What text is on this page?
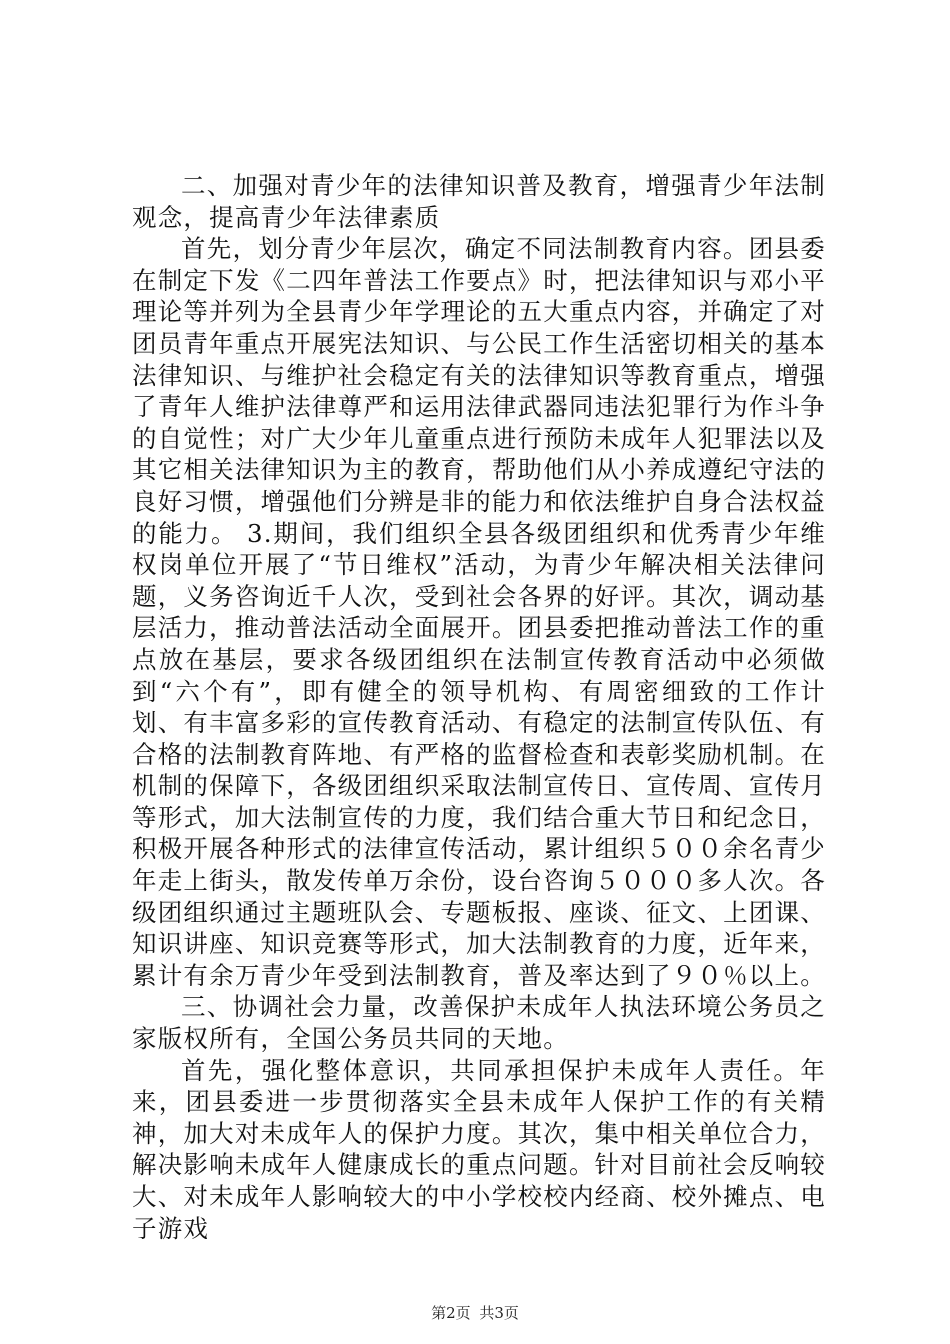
二、加强对青少年的法律知识普及教育，增强青少年法制观念，提高青少年法律素质

首先，划分青少年层次，确定不同法制教育内容。团县委在制定下发《二四年普法工作要点》时，把法律知识与邓小平理论等并列为全县青少年学理论的五大重点内容，并确定了对团员青年重点开展宪法知识、与公民工作生活密切相关的基本法律知识、与维护社会稳定有关的法律知识等教育重点，增强了青年人维护法律尊严和运用法律武器同违法犯罪行为作斗争的自觉性；对广大少年儿童重点进行预防未成年人犯罪法以及其它相关法律知识为主的教育，帮助他们从小养成遵纪守法的良好习惯，增强他们分辨是非的能力和依法维护自身合法权益的能力。 3.期间，我们组织全县各级团组织和优秀青少年维权岗单位开展了“节日维权”活动，为青少年解决相关法律问题，义务咨询近千人次，受到社会各界的好评。其次，调动基层活力，推动普法活动全面展开。团县委把推动普法工作的重点放在基层，要求各级团组织在法制宣传教育活动中必须做到“六个有”，即有健全的领导机构、有周密细致的工作计划、有丰富多彩的宣传教育活动、有稳定的法制宣传队伍、有合格的法制教育阵地、有严格的监督检查和表彰奖励机制。在机制的保障下，各级团组织采取法制宣传日、宣传周、宣传月等形式，加大法制宣传的力度，我们结合重大节日和纪念日，积极开展各种形式的法律宣传活动，累计组织５００余名青少年走上街头，散发传单万余份，设台咨询５０００多人次。各级团组织通过主题班队会、专题板报、座谈、征文、上团课、知识讲座、知识竞赛等形式，加大法制教育的力度，近年来，累计有余万青少年受到法制教育，普及率达到了９０％以上。

三、协调社会力量，改善保护未成年人执法环境公务员之家版权所有，全国公务员共同的天地。

首先，强化整体意识，共同承担保护未成年人责任。年来，团县委进一步贯彻落实全县未成年人保护工作的有关精神，加大对未成年人的保护力度。其次，集中相关单位合力，解决影响未成年人健康成长的重点问题。针对目前社会反响较大、对未成年人影响较大的中小学校校内经商、校外摊点、电子游戏

第2页 共3页
